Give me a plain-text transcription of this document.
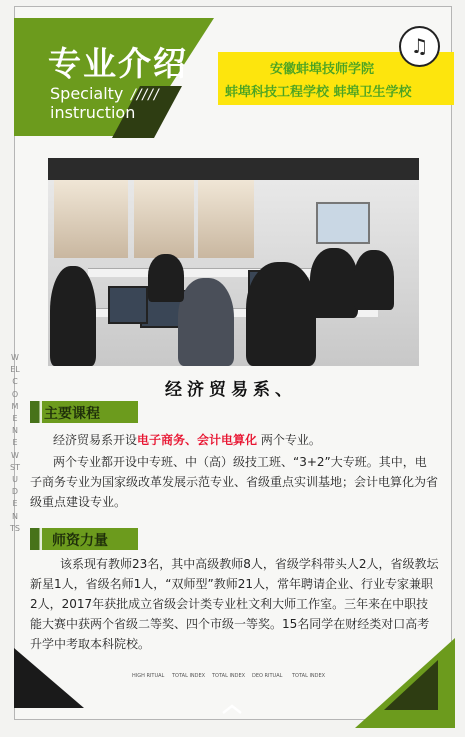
专业介绍
Specialty
instruction
/////
安徽蚌埠技师学院
蚌埠科技工程学校 蚌埠卫生学校
♫
经济贸易系、
WELCOME NEW STUDENTS
主要课程
经济贸易系开设电子商务、会计电算化 两个专业。
两个专业都开设中专班、中（高）级技工班、“3+2”大专班。其中，电子商务专业为国家级改革发展示范专业、省级重点实训基地；会计电算化为省级重点建设专业。
师资力量
该系现有教师23名，其中高级教师8人，省级学科带头人2人，省级教坛新星1人，省级名师1人，“双师型”教师21人，常年聘请企业、行业专家兼职2人，2017年获批成立省级会计类专业杜文利大师工作室。三年来在中职技能大赛中获两个省级二等奖、四个市级一等奖。15名同学在财经类对口高考升学中考取本科院校。
HIGH RITUAL TOTAL INDEX TOTAL INDEX DEO RITUAL TOTAL INDEX
